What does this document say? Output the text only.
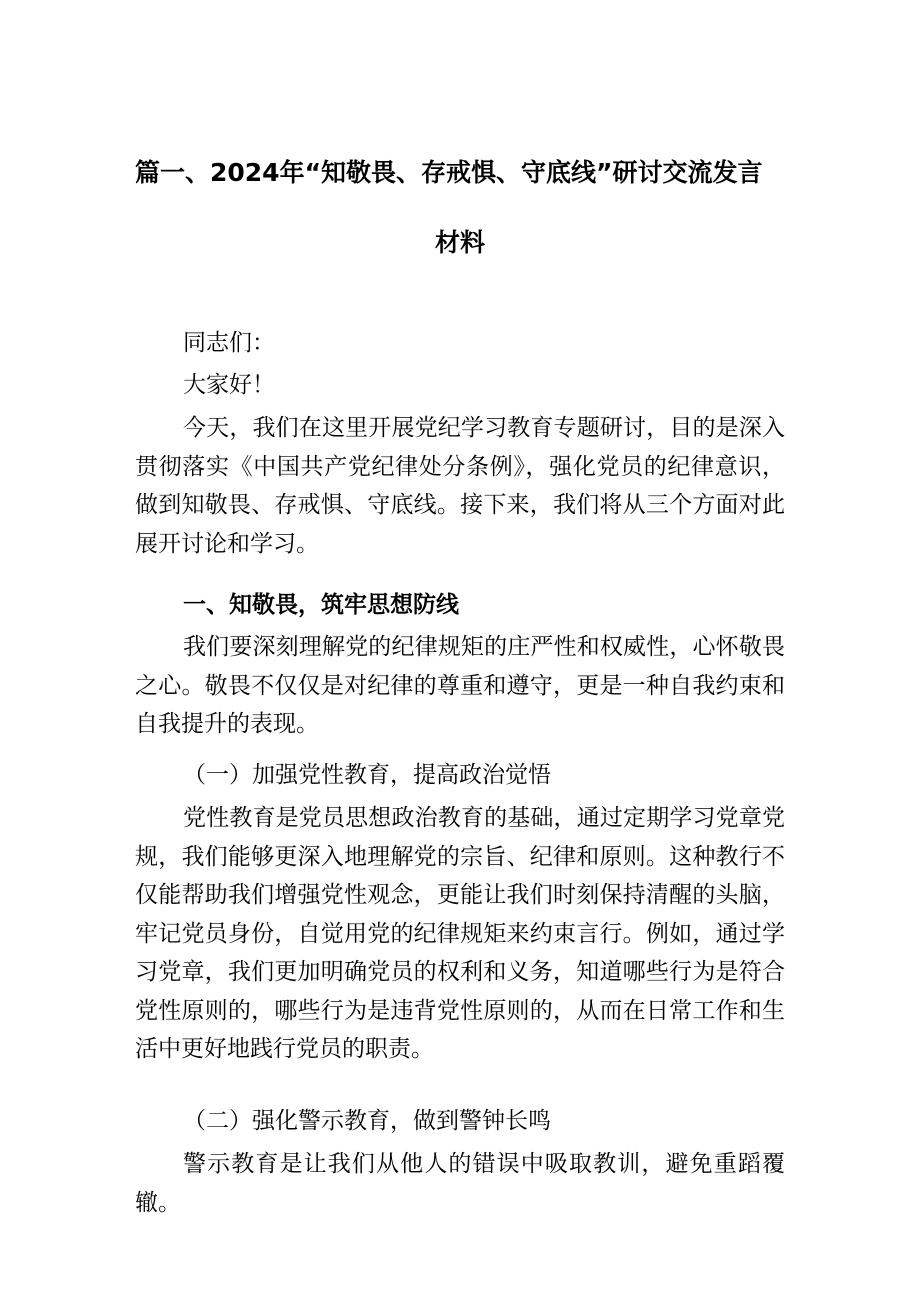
篇一、2024年“知敬畏、存戒惧、守底线”研讨交流发言
材料
同志们：
大家好！
今天，我们在这里开展党纪学习教育专题研讨，目的是深入贯彻落实《中国共产党纪律处分条例》，强化党员的纪律意识，做到知敬畏、存戒惧、守底线。接下来，我们将从三个方面对此展开讨论和学习。
一、知敬畏，筑牢思想防线
我们要深刻理解党的纪律规矩的庄严性和权威性，心怀敬畏之心。敬畏不仅仅是对纪律的尊重和遵守，更是一种自我约束和自我提升的表现。
（一）加强党性教育，提高政治觉悟
党性教育是党员思想政治教育的基础，通过定期学习党章党规，我们能够更深入地理解党的宗旨、纪律和原则。这种教行不仅能帮助我们增强党性观念，更能让我们时刻保持清醒的头脑，牢记党员身份，自觉用党的纪律规矩来约束言行。例如，通过学习党章，我们更加明确党员的权利和义务，知道哪些行为是符合党性原则的，哪些行为是违背党性原则的，从而在日常工作和生活中更好地践行党员的职责。
（二）强化警示教育，做到警钟长鸣
警示教育是让我们从他人的错误中吸取教训，避免重蹈覆辙。
